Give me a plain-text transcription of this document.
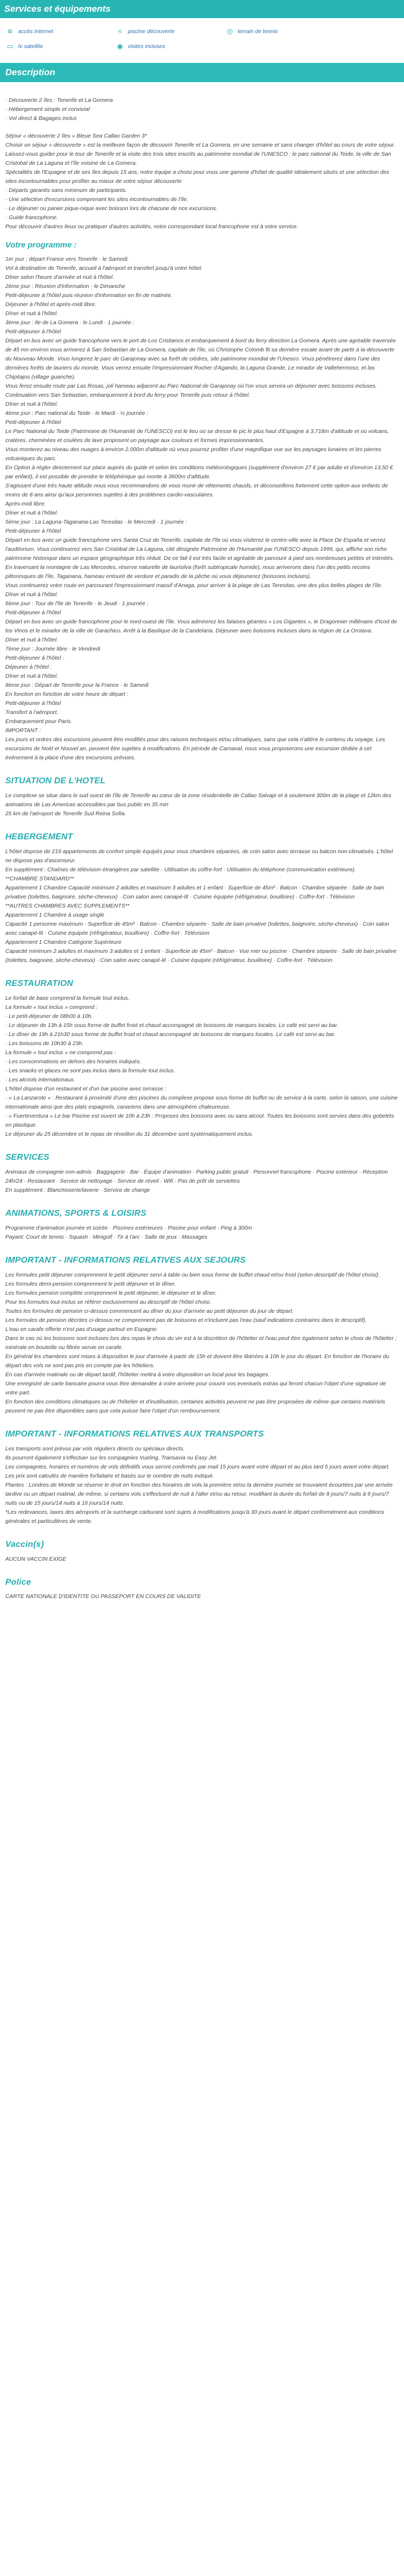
Services et équipements
≋ accès Internet	≈	piscine découverte	◎ terrain de tennis
▭ tv satellite	◉ visites incluses
Description

· Découverte 2 îles : Tenerife et La Gomera

· Hébergement simple et convivial

· Vol direct & Bagages inclus

Séjour « découverte 2 îles » Bleue Sea Callao Garden 3*

Choisir un séjour « découverte » est la meilleure façon de découvrir Tenerife et La Gomera, en une semaine et sans changer d'hôtel au cours de votre séjour. Laissez-vous guider pour le tour de Tenerife et la visite des trois sites inscrits au patrimoine mondial de l'UNESCO : le parc national du Teide, la ville de San Cristobal de La Laguna et l'île voisine de La Gomera.

Spécialités de l'Espagne et de ses îles depuis 15 ans, notre équipe a choisi pour vous une gamme d'hôtel de qualité idéalement situés et une sélection des sites incontournables pour profiter au mieux de votre séjour découverte

· Départs garantis sans minimum de participants.

· Une sélection d'excursions comprenant les sites incontournables de l'île.

· Le déjeuner ou panier pique-nique avec boisson lors de chacune de nos excursions.

· Guide francophone.

Pour découvrir d'autres lieux ou pratiquer d'autres activités, notre correspondant local francophone est à votre service.

Votre programme :

1er jour : départ France vers Tenerife · le Samedi.

Vol à destination de Tenerife, accueil à l'aéroport et transfert jusqu'à votre hôtel.

Dîner selon l'heure d'arrivée et nuit à l'hôtel.

2ème jour : Réunion d'information · le Dimanche

Petit-déjeuner à l'hôtel puis réunion d'information en fin de matinée.

Déjeuner à l'hôtel et après-midi libre.

Dîner et nuit à l'hôtel.

3ème jour : Ile de La Gomera · le Lundi · 1 journée :

Petit-déjeuner à l'hôtel

Départ en bus avec un guide francophone vers le port de Los Cristianos et embarquement à bord du ferry direction La Gomera. Après une agréable traversée de 45 mn environ vous arriverez à San Sebastian de La Gomera, capitale de l'île, où Christophe Colomb fit sa dernière escale avant de partir à la découverte du Nouveau Monde. Vous longerez le parc de Garajonay avec sa forêt de ciédres, site patrimoine mondial de l'Unesco. Vous pénétrerez dans l'une des dernières forêts de lauriers du monde. Vous verrez ensuite l'impressionnant Rocher d'Agando, la Laguna Grande, Le mirador de Vallehermoso, et las Chipitajos (village guanche).

Vous ferez ensuite route par Las Rosas, joli hameau adjacent au Parc National de Garajonay où l'on vous servira un déjeuner avec boissons incluses. Continuation vers San Sebastian, embarquement à bord du ferry pour Tenerife puis retour à l'hôtel.

Dîner et nuit à l'hôtel.

4ème jour : Parc national du Teide · le Mardi · ½ journée :

Petit-déjeuner à l'hôtel

Le Parc National du Teide (Patrimoine de l'Humanité de l'UNESCO) est le lieu où se dresse le pic le plus haut d'Espagne à 3,718m d'altitude et où volcans, cratères, cheminées et coulées de lave proposent un paysage aux couleurs et formes impressionnantes.

Vous monterez au niveau des nuages à environ 2.000m d'altitude où vous pourrez profiter d'une magnifique vue sur les paysages lunaires et les pierres volcaniques du parc.

En Option à régler directement sur place auprès du guide et selon les conditions météorologiques (supplément d'environ 27 € par adulte et d'environ 13,50 € par enfant), il est possible de prendre le téléphérique qui monte à 3600m d'altitude.

S'agissant d'une très haute altitude nous vous recommandons de vous munir de vêtements chauds, et déconseillons fortement cette option aux enfants de moins de 8 ans ainsi qu'aux personnes sujettes à des problèmes cardio-vasculaires.

Après-midi libre.

Dîner et nuit à l'hôtel.

5ème jour : La Laguna-Taganana-Las Teresitas · le Mercredi · 1 journée :

Petit-déjeuner à l'hôtel

Départ en bus avec un guide francophone vers Santa Cruz de Tenerife, capitale de l'île où vous visiterez le centre-ville avec la Place De España et verrez l'auditorium. Vous continuerez vers San Cristóbal de La Laguna, cité désignée Patrimoine de l'Humanité par l'UNESCO depuis 1999, qui, affiche son riche patrimoine historique dans un espace géographique très réduit. De ce fait il est très facile et agréable de parcourir à pied ses nombreuses petites et intimités.

En traversant la montagne de Las Mercedes, réserve naturelle de laurisilva (forêt subtropicale humide), nous arriverons dans l'un des petits recoins pittoresques de l'île, Taganana, hameau entouré de verdure et paradis de la pêche où vous déjeunerez (boissons incluses).

Vous continuerez votre route en parcourant l'impressionnant massif d'Anaga, pour arriver à la plage de Las Teresitas, une des plus belles plages de l'île.

Dîner et nuit à l'hôtel.

6ème jour : Tour de l'île de Tenerife · le Jeudi · 1 journée :

Petit-déjeuner à l'hôtel

Départ en bus avec un guide francophone pour le nord-ouest de l'île. Vous admirerez les falaises géantes « Los Gigantes », le Dragonnier millénaire d'Icod de los Vinos et le mirador de la ville de Garachico. Arrêt à la Basilique de la Candelaria. Déjeuner avec boissons incluses dans la région de La Orotava.

Dîner et nuit à l'hôtel.

7ème jour : Journée libre · le Vendredi

Petit-déjeuner à l'hôtel :

Déjeuner à l'hôtel :

Dîner et nuit à l'hôtel.

8ème jour : Départ de Tenerife pour la France · le Samedi

En fonction en fonction de votre heure de départ :

Petit-déjeuner à l'hôtel

Transfert à l'aéroport.

Embarquement pour Paris.

IMPORTANT :

Les jours et ordres des excursions peuvent être modifiés pour des raisons techniques et/ou climatiques, sans que cela n'altère le contenu du voyage. Les excursions de Noël et Nouvel an, peuvent être sujettes à modifications. En période de Carnaval, nous vous proposerons une excursion dédiée à cet événement à la place d'une des excursions prévues.

SITUATION DE L'HOTEL

Le complexe se situe dans le sud ouest de l'île de Tenerife au cœur de la zone résidentielle de Callao Salvaje et à seulement 300m de la plage et 12km des animations de Las Americas accessibles par bus public en 35 min

25 km de l'aéroport de Tenerife Sud Reina Sofia.

HEBERGEMENT

L'hôtel dispose de 219 appartements de confort simple équipés pour vous chambres séparées, de coin salon avec terrasse ou balcon non-climatisés. L'hôtel ne dispose pas d'ascenseur.

En supplément : Chaînes de télévision étrangères par satellite · Utilisation du coffre-fort · Utilisation du téléphone (communication extérieure).

**CHAMBRE STANDARD**

Appartement 1 Chambre Capacité minimum 2 adultes et maximum 3 adultes et 1 enfant · Superficie de 45m² · Balcon · Chambre séparée · Salle de bain privative (toilettes, baignoire, sèche-cheveux) · Coin salon avec canapé-lit · Cuisine équipée (réfrigérateur, bouilloire) · Coffre-fort · Télévision

**AUTRES CHAMBRES AVEC SUPPLEMENTS**

Appartement 1 Chambre à usage single

Capacité 1 personne maximum · Superficie de 45m² · Balcon · Chambre séparée · Salle de bain privative (toilettes, baignoire, sèche-cheveux) · Coin salon avec canapé-lit · Cuisine équipée (réfrigérateur, bouilloire) · Coffre-fort · Télévision

Appartement 1 Chambre Catégorie Supérieure

Capacité minimum 2 adultes et maximum 3 adultes et 1 enfant · Superficie de 45m² · Balcon · Vue mer ou piscine · Chambre séparée · Salle de bain privative (toilettes, baignoire, sèche-cheveux) · Coin salon avec canapé-lit · Cuisine équipée (réfrigérateur, bouilloire) · Coffre-fort · Télévision

RESTAURATION

Le forfait de base comprend la formule tout inclus.

La formule « tout inclus » comprend :

· Le petit-déjeuner de 08h00 à 10h.

· Le déjeuner de 13h à 15h sous forme de buffet froid et chaud accompagné de boissons de marques locales. Le café est servi au bar.

· Le dîner de 19h à 21h30 sous forme de buffet froid et chaud accompagné de boissons de marques locales. Le café est servi au bar.

· Les boissons de 10h30 à 23h.

La formule « tout inclus » ne comprend pas :

· Les consommations en dehors des horaires indiqués.

· Les snacks et glaces ne sont pas inclus dans la formule tout inclus.

· Les alcools internationaux.

L'hôtel dispose d'un restaurant et d'un bar piscine avec terrasse :

· « La Lanzarote » : Restaurant à proximité d'une des piscines du complexe propose sous forme de buffet ou de service à la carte, selon la saison, une cuisine internationale ainsi que des plats espagnols, canariens dans une atmosphère chaleureuse.

· « Fuerteventura » Le bar Piscine est ouvert de 10h à 23h : Proposes des boissons avec ou sans alcool. Toutes les boissons sont servies dans des gobelets en plastique.

Le déjeuner du 25 décembre et le repas de réveillon du 31 décembre sont systématiquement inclus.

SERVICES

Animaux de compagnie non-admis · Baggagerie · Bar · Équipe d'animation · Parking public gratuit · Personnel francophone · Piscine extérieur · Réception 24h/24 · Restaurant · Service de nettoyage · Service de réveil · Wifi · Pas de prêt de serviettes

En supplément : Blanchisserie/laverie · Service de change

ANIMATIONS, SPORTS & LOISIRS

Programme d'animation journée et soirée · Piscines extérieures · Piscine pour enfant · Ping à 300m

Payant: Court de tennis · Squash · Minigolf · Tir à l'arc · Salle de jeux · Massages

IMPORTANT - INFORMATIONS RELATIVES AUX SEJOURS

Les formules petit déjeuner comprennent le petit déjeuner servi à table ou bien sous forme de buffet chaud et/ou froid (selon descriptif de l'hôtel choisi).

Les formules demi-pension comprennent le petit déjeuner et le dîner.

Les formules pension complète comprennent le petit déjeuner, le déjeuner et le dîner.

Pour les formules tout inclus se référer exclusivement au descriptif de l'hôtel choisi.

Toutes les formules de pension ci-dessus commencent au dîner du jour d'arrivée au petit déjeuner du jour de départ.

Les formules de pension décrites ci-dessus ne comprennent pas de boissons et n'incluent pas l'eau (sauf indications contraires dans le descriptif).

L'eau en carafe offerte n'est pas d'usage partout en Espagne.

Dans le cas où les boissons sont incluses lors des repas le choix du vin est à la discrétion de l'hôtelier et l'eau peut être également selon le choix de l'hôtelier ; minérale en bouteille ou filtrée servie en carafe.

En général les chambres sont mises à disposition le jour d'arrivée à partir de 15h et doivent être libérées à 10h le jour du départ. En fonction de l'horaire du départ des vols ne sont pas pris en compte par les hôteliers.

En cas d'arrivée matinale ou de départ tardif, l'hôtelier mettra à votre disposition un local pour les bagages.

Une enregistré de carte bancaire pourra vous être demandée à votre arrivée pour couvrir vos eventuels extras qui feront chacun l'objet d'une signature de votre part.

En fonction des conditions climatiques ou de l'hôtelier et d'inutilisation, certaines activités peuvent ne pas être proposées de même que certains matériels peuvent ne pas être disponibles sans que cela puisse faire l'objet d'un remboursement.

IMPORTANT - INFORMATIONS RELATIVES AUX TRANSPORTS

Les transports sont prévus par vols réguliers directs ou spéciaux directs.

Ils pourront également s'effectuer sur les compagnies Vueling, Transavia ou Easy Jet.

Les compagnies, horaires et numéros de vols définitifs vous seront confirmés par mail 15 jours avant votre départ et au plus tard 5 jours avant votre départ.

Les prix sont calculés de manière forfaitaire et basés sur le nombre de nuits indiqué.

Plantes : Londres de Monde se réserve le droit en fonction des horaires de vols la première et/ou la dernière journée se trouvaient écourtées par une arrivée tardive ou un départ matinal, de même, si certains vols s'effectuent de nuit à l'aller et/ou au retour, modifiant la durée du forfait de 8 jours/7 nuits à 9 jours/7 nuits ou de 15 jours/14 nuits à 16 jours/14 nuits.

*Les redevances, taxes des aéroports et la surcharge carburant sont sujets à modifications jusqu'à 30 jours avant le départ conformément aux conditions générales et particulières de vente.

Vaccin(s)

AUCUN VACCIN EXIGE

Police

CARTE NATIONALE D'IDENTITE OU PASSEPORT EN COURS DE VALIDITE
